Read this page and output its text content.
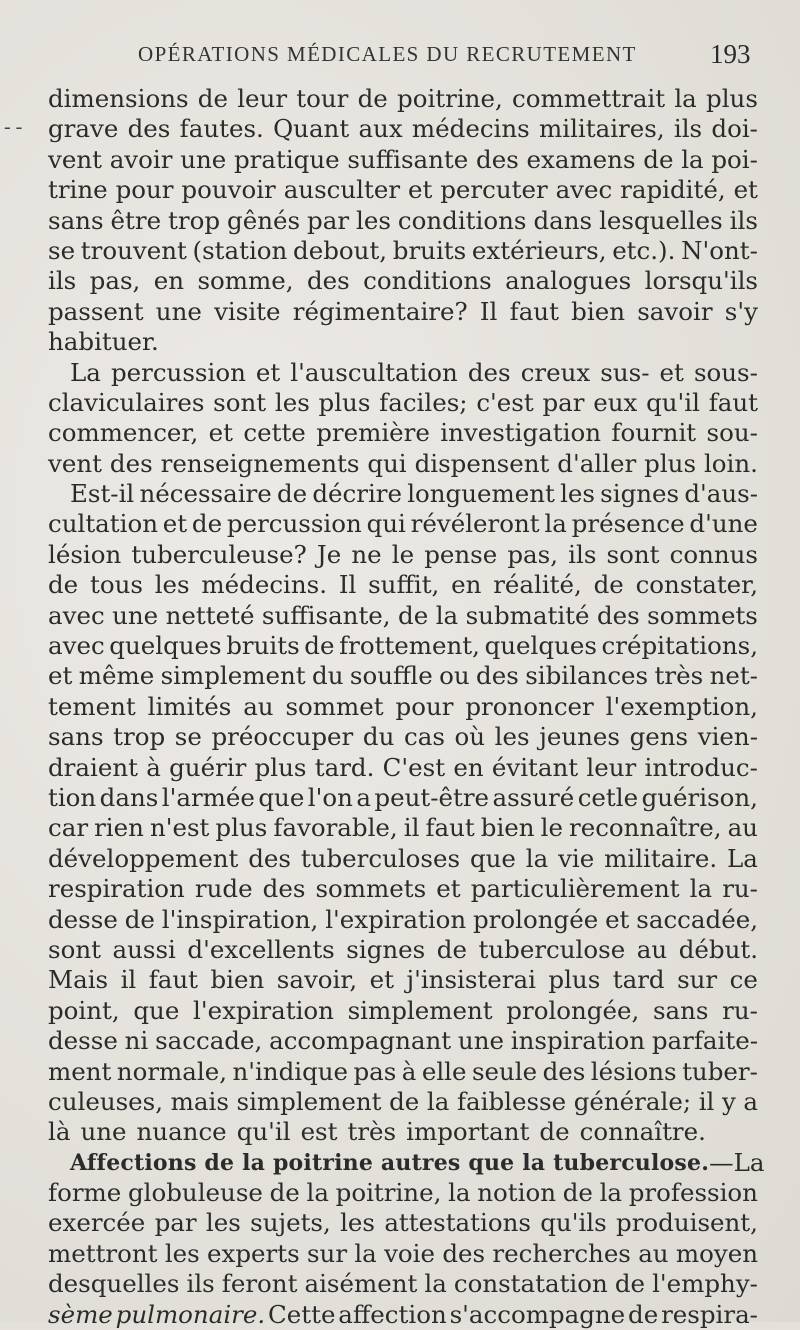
OPÉRATIONS MÉDICALES DU RECRUTEMENT	193
- -
dimensions de leur tour de poitrine, commettrait la plus
grave des fautes. Quant aux médecins militaires, ils doi-
vent avoir une pratique suffisante des examens de la poi-
trine pour pouvoir ausculter et percuter avec rapidité, et
sans être trop gênés par les conditions dans lesquelles ils
se trouvent (station debout, bruits extérieurs, etc.). N'ont-
ils pas, en somme, des conditions analogues lorsqu'ils
passent une visite régimentaire? Il faut bien savoir s'y
habituer.
La percussion et l'auscultation des creux sus- et sous-
claviculaires sont les plus faciles; c'est par eux qu'il faut
commencer, et cette première investigation fournit sou-
vent des renseignements qui dispensent d'aller plus loin.
Est-il nécessaire de décrire longuement les signes d'aus-
cultation et de percussion qui révéleront la présence d'une
lésion tuberculeuse? Je ne le pense pas, ils sont connus
de tous les médecins. Il suffit, en réalité, de constater,
avec une netteté suffisante, de la submatité des sommets
avec quelques bruits de frottement, quelques crépitations,
et même simplement du souffle ou des sibilances très net-
tement limités au sommet pour prononcer l'exemption,
sans trop se préoccuper du cas où les jeunes gens vien-
draient à guérir plus tard. C'est en évitant leur introduc-
tion dans l'armée que l'on a peut-être assuré cetle guérison,
car rien n'est plus favorable, il faut bien le reconnaître, au
développement des tuberculoses que la vie militaire. La
respiration rude des sommets et particulièrement la ru-
desse de l'inspiration, l'expiration prolongée et saccadée,
sont aussi d'excellents signes de tuberculose au début.
Mais il faut bien savoir, et j'insisterai plus tard sur ce
point, que l'expiration simplement prolongée, sans ru-
desse ni saccade, accompagnant une inspiration parfaite-
ment normale, n'indique pas à elle seule des lésions tuber-
culeuses, mais simplement de la faiblesse générale; il y a
là une nuance qu'il est très important de connaître.
Affections de la poitrine autres que la tuberculose. — La
forme globuleuse de la poitrine, la notion de la profession
exercée par les sujets, les attestations qu'ils produisent,
mettront les experts sur la voie des recherches au moyen
desquelles ils feront aisément la constatation de l'emphy-
sème pulmonaire. Cette affection s'accompagne de respira-
